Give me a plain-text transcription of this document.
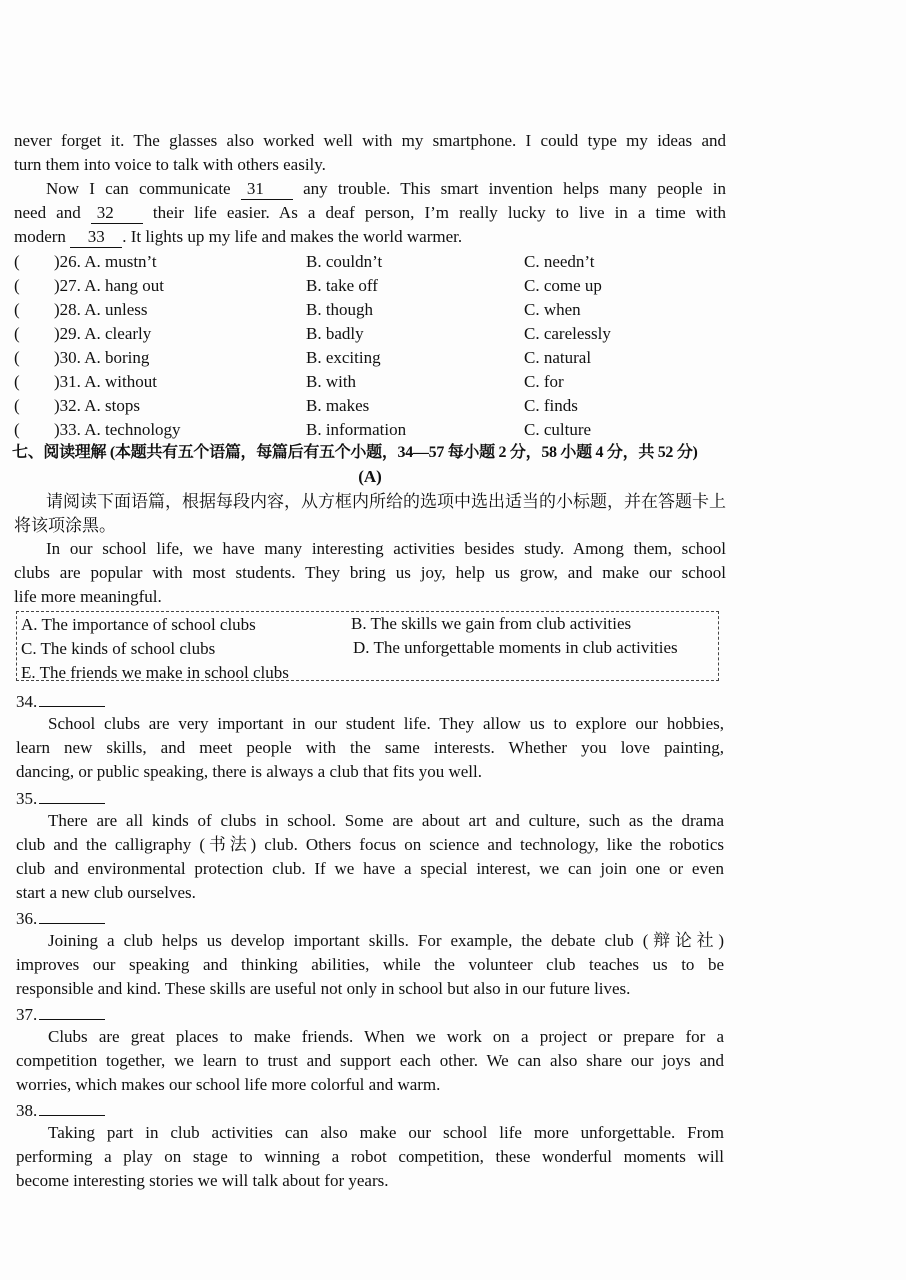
never forget it. The glasses also worked well with my smartphone. I could type my ideas and
turn them into voice to talk with others easily.
Now I can communicate 31 any trouble. This smart invention helps many people in
need and 32 their life easier. As a deaf person, I’m really lucky to live in a time with
modern 33 . It lights up my life and makes the world warmer.
( )26. A. mustn’t	B. couldn’t	C. needn’t
( )27. A. hang out	B. take off	C. come up
( )28. A. unless	B. though	C. when
( )29. A. clearly	B. badly	C. carelessly
( )30. A. boring	B. exciting	C. natural
( )31. A. without	B. with	C. for
( )32. A. stops	B. makes	C. finds
( )33. A. technology	B. information	C. culture
七、阅读理解 (本题共有五个语篇，每篇后有五个小题，34—57 每小题 2 分，58 小题 4 分，共 52 分)
(A)
请阅读下面语篇，根据每段内容，从方框内所给的选项中选出适当的小标题，并在答题卡上
将该项涂黑。
In our school life, we have many interesting activities besides study. Among them, school
clubs are popular with most students. They bring us joy, help us grow, and make our school
life more meaningful.
A. The importance of school clubs	B. The skills we gain from club activities
C. The kinds of school clubs	D. The unforgettable moments in club activities
E. The friends we make in school clubs
34.
School clubs are very important in our student life. They allow us to explore our hobbies,
learn new skills, and meet people with the same interests. Whether you love painting,
dancing, or public speaking, there is always a club that fits you well.
35.
There are all kinds of clubs in school. Some are about art and culture, such as the drama
club and the calligraphy (书法) club. Others focus on science and technology, like the robotics
club and environmental protection club. If we have a special interest, we can join one or even
start a new club ourselves.
36.
Joining a club helps us develop important skills. For example, the debate club (辩论社)
improves our speaking and thinking abilities, while the volunteer club teaches us to be
responsible and kind. These skills are useful not only in school but also in our future lives.
37.
Clubs are great places to make friends. When we work on a project or prepare for a
competition together, we learn to trust and support each other. We can also share our joys and
worries, which makes our school life more colorful and warm.
38.
Taking part in club activities can also make our school life more unforgettable. From
performing a play on stage to winning a robot competition, these wonderful moments will
become interesting stories we will talk about for years.
